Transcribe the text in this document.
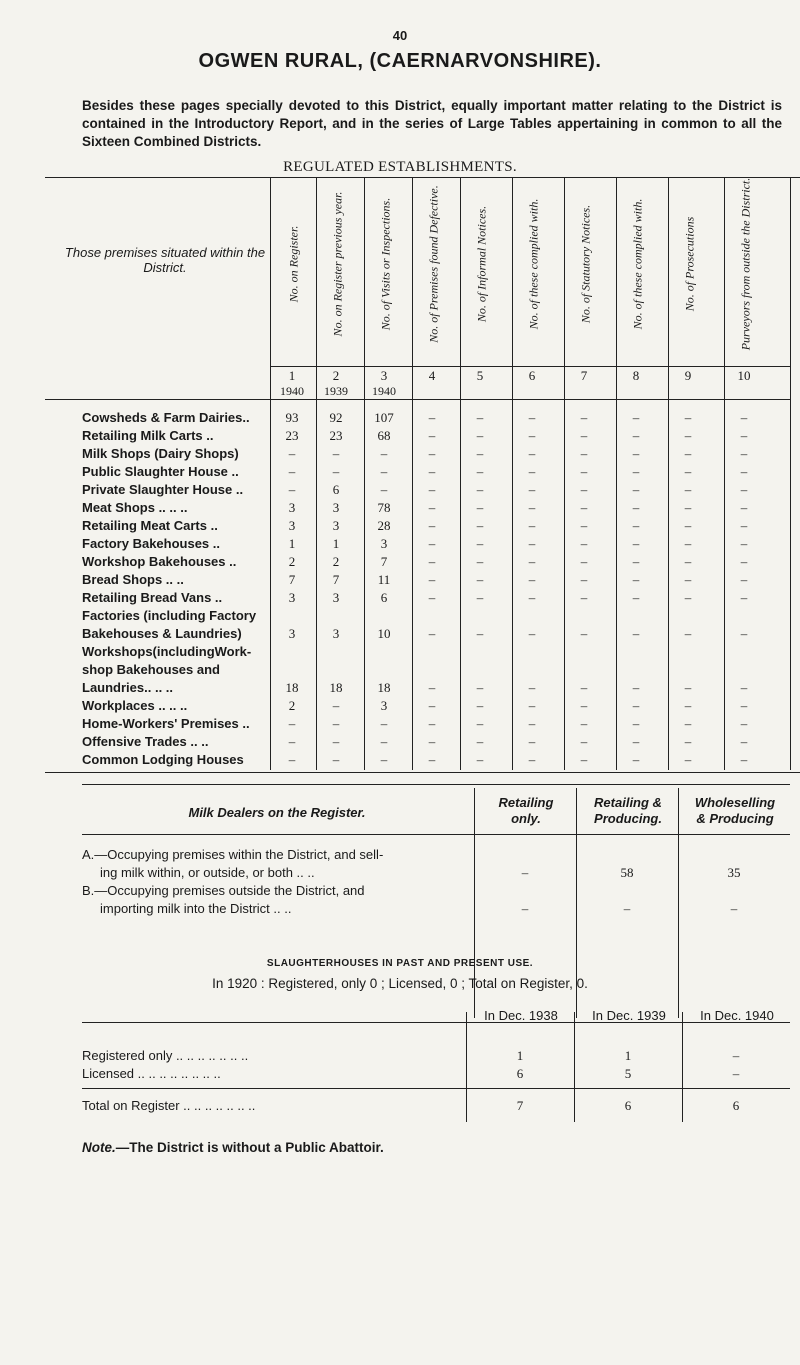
40
OGWEN RURAL, (CAERNARVONSHIRE).
Besides these pages specially devoted to this District, equally important matter relating to the District is contained in the Introductory Report, and in the series of Large Tables appertaining in common to all the Sixteen Combined Districts.
REGULATED ESTABLISHMENTS.
Those premises situated within the District.	No. on Register.
1
1940
No. on Register previous year.
2
1939
No. of Visits or Inspections.
3
1940
No. of Premises found Defective.
4
No. of Informal Notices.
5
No. of these complied with.
6
No. of Statutory Notices.
7
No. of these complied with.
8
No. of Prosecutions
9
Purveyors from outside the District.
10
Cowsheds & Farm Dairies..	93	92	107	–	–	–	–	–	–	–
Retailing Milk Carts ..	23	23	68	–	–	–	–	–	–	–
Milk Shops (Dairy Shops)	–	–	–	–	–	–	–	–	–	–
Public Slaughter House ..	–	–	–	–	–	–	–	–	–	–
Private Slaughter House ..	–	6	–	–	–	–	–	–	–	–
Meat Shops .. .. ..	3	3	78	–	–	–	–	–	–	–
Retailing Meat Carts ..	3	3	28	–	–	–	–	–	–	–
Factory Bakehouses ..	1	1	3	–	–	–	–	–	–	–
Workshop Bakehouses ..	2	2	7	–	–	–	–	–	–	–
Bread Shops .. ..	7	7	11	–	–	–	–	–	–	–
Retailing Bread Vans ..	3	3	6	–	–	–	–	–	–	–
Factories (including Factory
Bakehouses & Laundries)	3	3	10	–	–	–	–	–	–	–
Workshops(includingWork-
shop Bakehouses and
Laundries.. .. ..	18	18	18	–	–	–	–	–	–	–
Workplaces .. .. ..	2	–	3	–	–	–	–	–	–	–
Home-Workers' Premises ..	–	–	–	–	–	–	–	–	–	–
Offensive Trades .. ..	–	–	–	–	–	–	–	–	–	–
Common Lodging Houses	–	–	–	–	–	–	–	–	–	–
Milk Dealers on the Register.
Retailing
only.
Retailing &
Producing.
Wholeselling
& Producing
A.—Occupying premises within the District, and sell-
ing milk within, or outside, or both .. ..	–	58	35
B.—Occupying premises outside the District, and
importing milk into the District .. ..	–	–	–
SLAUGHTERHOUSES IN PAST AND PRESENT USE.
In 1920 : Registered, only 0 ; Licensed, 0 ; Total on Register, 0.
In Dec. 1938	In Dec. 1939	In Dec. 1940
Registered only .. .. .. .. .. .. ..	1	1	–
Licensed .. .. .. .. .. .. .. ..	6	5	–
Total on Register .. .. .. .. .. .. ..	7	6	6
Note.—The District is without a Public Abattoir.
